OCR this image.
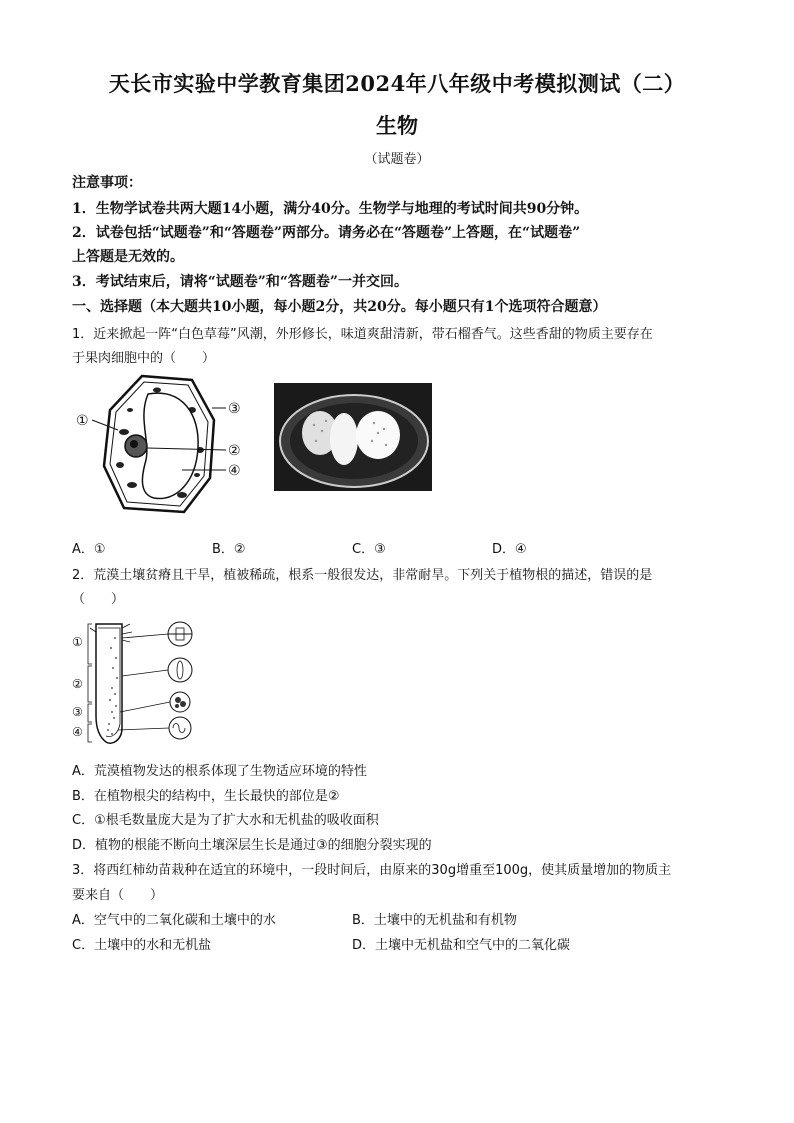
天长市实验中学教育集团2024年八年级中考模拟测试（二）
生物
（试题卷）
注意事项：
1．生物学试卷共两大题14小题，满分40分。生物学与地理的考试时间共90分钟。
2．试卷包括“试题卷”和“答题卷”两部分。请务必在“答题卷”上答题，在“试题卷”
上答题是无效的。
3．考试结束后，请将“试题卷”和“答题卷”一并交回。
一、选择题（本大题共10小题，每小题2分，共20分。每小题只有1个选项符合题意）
1．近来掀起一阵“白色草莓”风潮，外形修长，味道爽甜清新，带石榴香气。这些香甜的物质主要存在
于果肉细胞中的（　　）
①
③
②
④
A．①	B．②	C．③	D．④
2．荒漠土壤贫瘠且干旱，植被稀疏，根系一般很发达，非常耐旱。下列关于植物根的描述，错误的是
（　　）
①
②
③
④
A．荒漠植物发达的根系体现了生物适应环境的特性
B．在植物根尖的结构中，生长最快的部位是②
C．①根毛数量庞大是为了扩大水和无机盐的吸收面积
D．植物的根能不断向土壤深层生长是通过③的细胞分裂实现的
3．将西红柿幼苗栽种在适宜的环境中，一段时间后，由原来的30g增重至100g，使其质量增加的物质主
要来自（　　）
A．空气中的二氧化碳和土壤中的水	B．土壤中的无机盐和有机物
C．土壤中的水和无机盐	D．土壤中无机盐和空气中的二氧化碳
